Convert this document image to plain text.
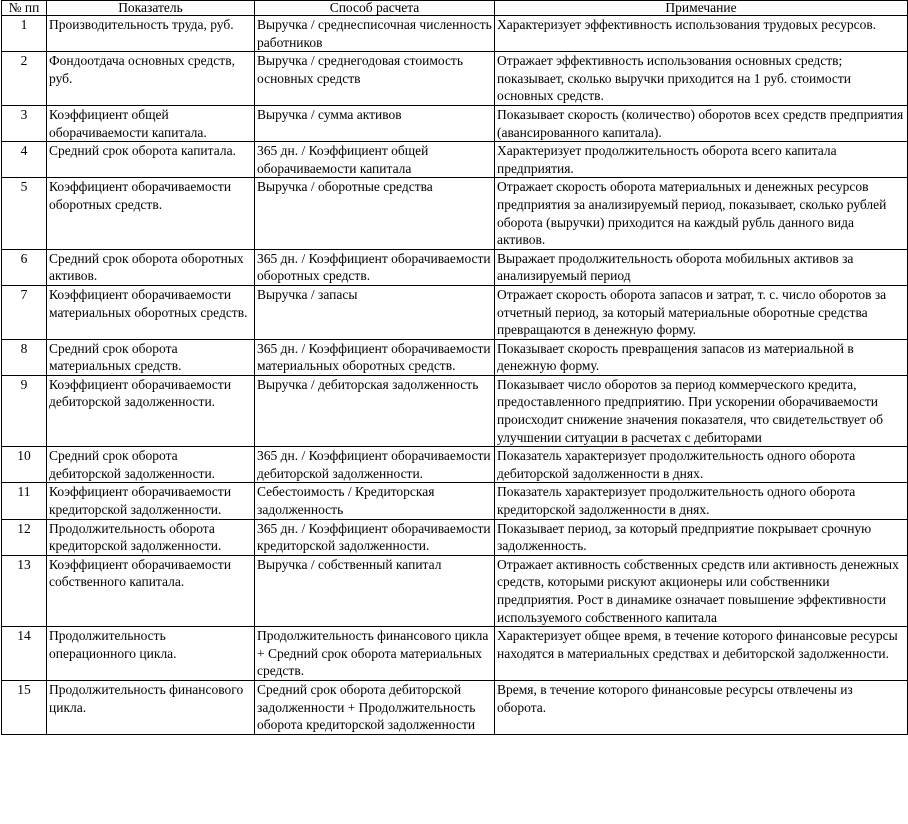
№ пп	Показатель	Способ расчета	Примечание
1	Производительность труда, руб.	Выручка / среднесписочная численность работников	Характеризует эффективность использования трудовых ресурсов.
2	Фондоотдача основных средств, руб.	Выручка / среднегодовая стоимость основных средств	Отражает эффективность использования основных средств; показывает, сколько выручки приходится на 1 руб. стоимости основных средств.
3	Коэффициент общей оборачиваемости капитала.	Выручка / сумма активов	Показывает скорость (количество) оборотов всех средств предприятия (авансированного капитала).
4	Средний срок оборота капитала.	365 дн. / Коэффициент общей оборачиваемости капитала	Характеризует продолжительность оборота всего капитала предприятия.
5	Коэффициент оборачиваемости оборотных средств.	Выручка / оборотные средства	Отражает скорость оборота материальных и денежных ресурсов предприятия за анализируемый период, показывает, сколько рублей оборота (выручки) приходится на каждый рубль данного вида активов.
6	Средний срок оборота оборотных активов.	365 дн. / Коэффициент оборачиваемости оборотных средств.	Выражает продолжительность оборота мобильных активов за анализируемый период
7	Коэффициент оборачиваемости материальных оборотных средств.	Выручка / запасы	Отражает скорость оборота запасов и затрат, т. с. число оборотов за отчетный период, за который материальные оборотные средства превращаются в денежную форму.
8	Средний срок оборота материальных средств.	365 дн. / Коэффициент оборачиваемости материальных оборотных средств.	Показывает скорость превращения запасов из материальной в денежную форму.
9	Коэффициент оборачиваемости дебиторской задолженности.	Выручка / дебиторская задолженность	Показывает число оборотов за период коммерческого кредита, предоставленного предприятию. При ускорении оборачиваемости происходит снижение значения показателя, что свидетельствует об улучшении ситуации в расчетах с дебиторами
10	Средний срок оборота дебиторской задолженности.	365 дн. / Коэффициент оборачиваемости дебиторской задолженности.	Показатель характеризует продолжительность одного оборота дебиторской задолженности в днях.
11	Коэффициент оборачиваемости кредиторской задолженности.	Себестоимость / Кредиторская задолженность	Показатель характеризует продолжительность одного оборота кредиторской задолженности в днях.
12	Продолжительность оборота кредиторской задолженности.	365 дн. / Коэффициент оборачиваемости кредиторской задолженности.	Показывает период, за который предприятие покрывает срочную задолженность.
13	Коэффициент оборачиваемости собственного капитала.	Выручка / собственный капитал	Отражает активность собственных средств или активность денежных средств, которыми рискуют акционеры или собственники предприятия. Рост в динамике означает повышение эффективности используемого собственного капитала
14	Продолжительность операционного цикла.	Продолжительность финансового цикла + Средний срок оборота материальных средств.	Характеризует общее время, в течение которого финансовые ресурсы находятся в материальных средствах и дебиторской задолженности.
15	Продолжительность финансового цикла.	Средний срок оборота дебиторской задолженности + Продолжительность оборота кредиторской задолженности	Время, в течение которого финансовые ресурсы отвлечены из оборота.
